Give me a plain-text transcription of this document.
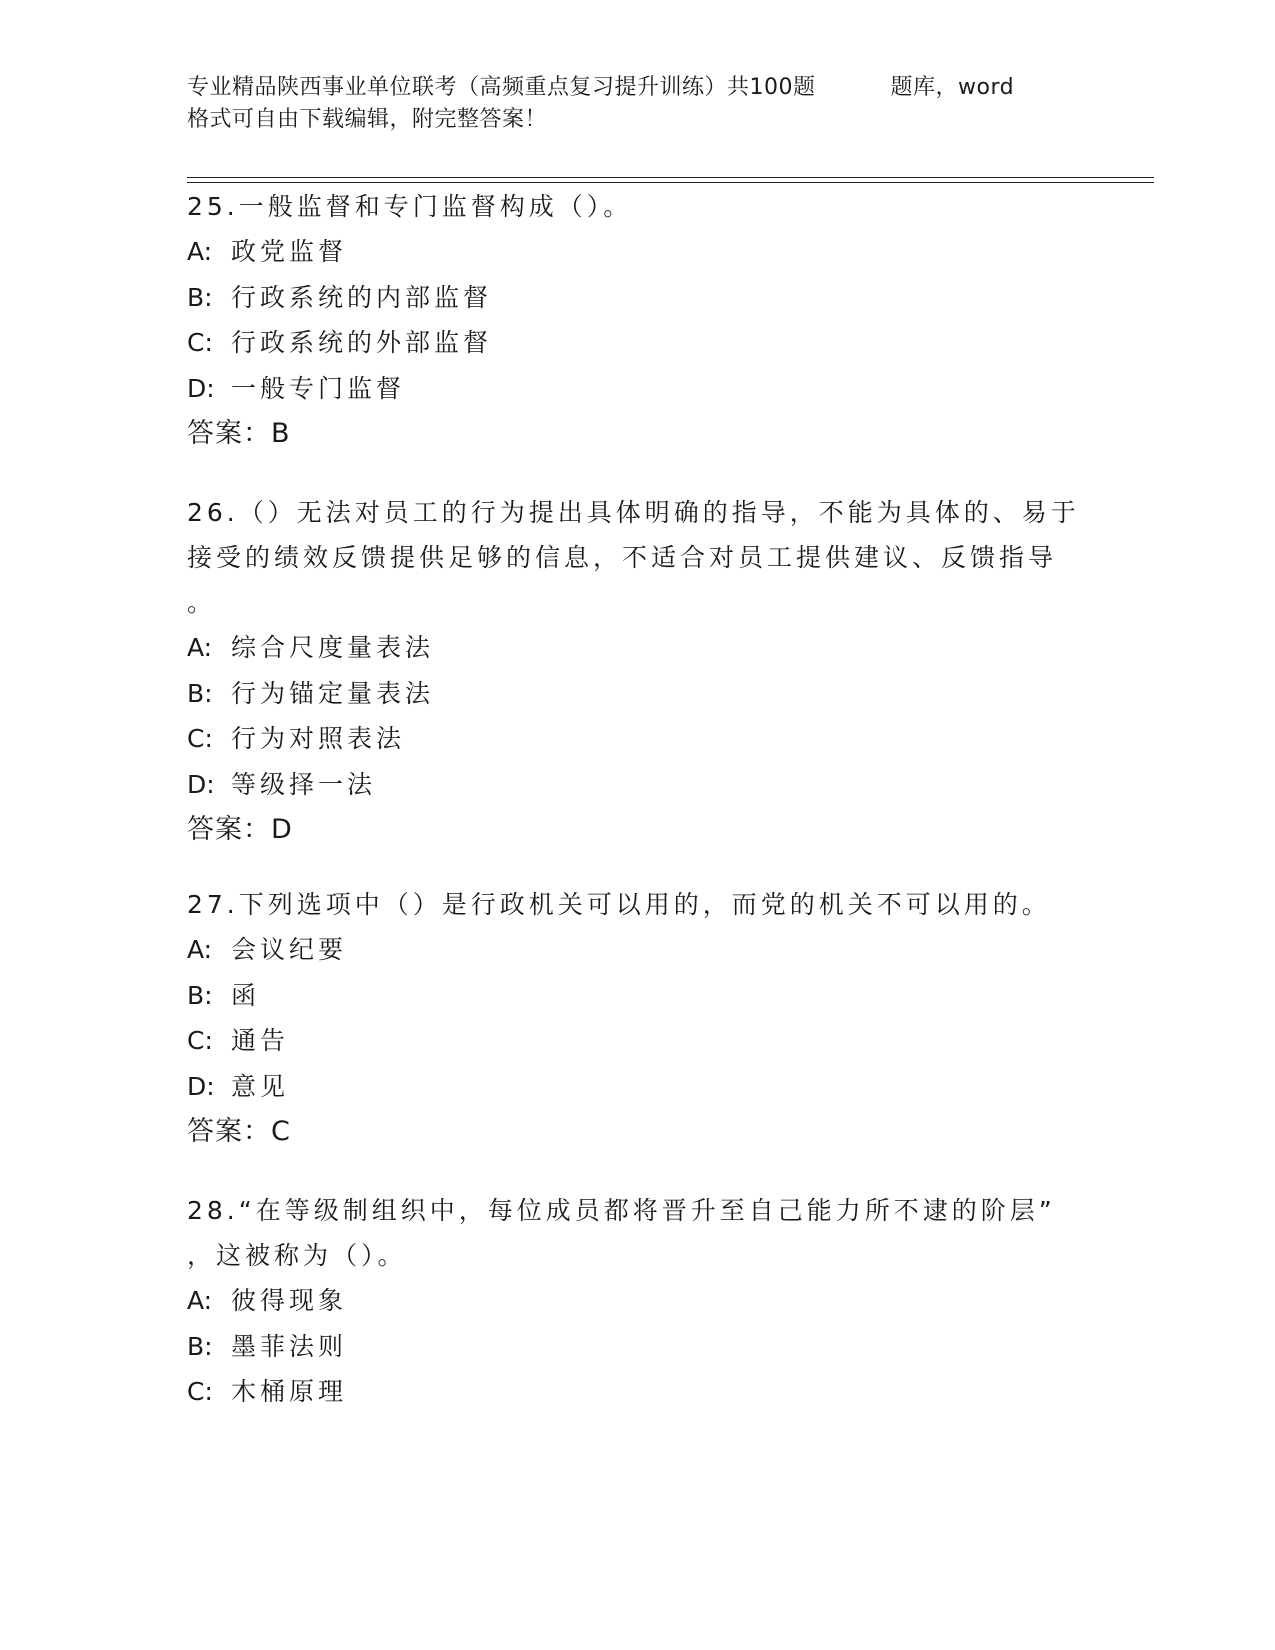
专业精品陕西事业单位联考（高频重点复习提升训练）共100题	题库，word
格式可自由下载编辑，附完整答案！

25.一般监督和专门监督构成（）。

A: 政党监督
B: 行政系统的内部监督
C: 行政系统的外部监督
D: 一般专门监督
答案：B

26.（）无法对员工的行为提出具体明确的指导，不能为具体的、易于接受的绩效反馈提供足够的信息，不适合对员工提供建议、反馈指导
。

A: 综合尺度量表法
B: 行为锚定量表法
C: 行为对照表法
D: 等级择一法
答案：D

27.下列选项中（）是行政机关可以用的，而党的机关不可以用的。

A: 会议纪要
B: 函
C: 通告
D: 意见
答案：C

28.“在等级制组织中，每位成员都将晋升至自己能力所不逮的阶层”
，这被称为（）。

A: 彼得现象
B: 墨菲法则
C: 木桶原理
